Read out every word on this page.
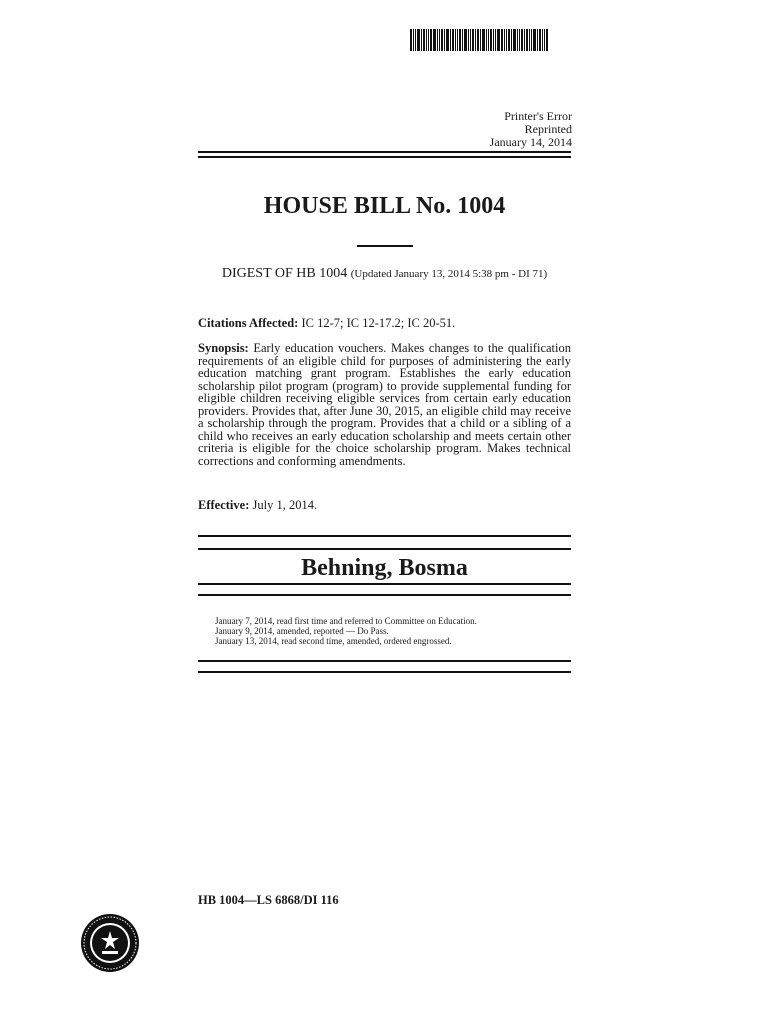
Printer's Error
Reprinted
January 14, 2014
HOUSE BILL No. 1004
DIGEST OF HB 1004 (Updated January 13, 2014 5:38 pm - DI 71)
Citations Affected: IC 12-7; IC 12-17.2; IC 20-51.
Synopsis: Early education vouchers. Makes changes to the qualification requirements of an eligible child for purposes of administering the early education matching grant program. Establishes the early education scholarship pilot program (program) to provide supplemental funding for eligible children receiving eligible services from certain early education providers. Provides that, after June 30, 2015, an eligible child may receive a scholarship through the program. Provides that a child or a sibling of a child who receives an early education scholarship and meets certain other criteria is eligible for the choice scholarship program. Makes technical corrections and conforming amendments.
Effective: July 1, 2014.
Behning, Bosma
January 7, 2014, read first time and referred to Committee on Education.
January 9, 2014, amended, reported — Do Pass.
January 13, 2014, read second time, amended, ordered engrossed.
HB 1004—LS 6868/DI 116
